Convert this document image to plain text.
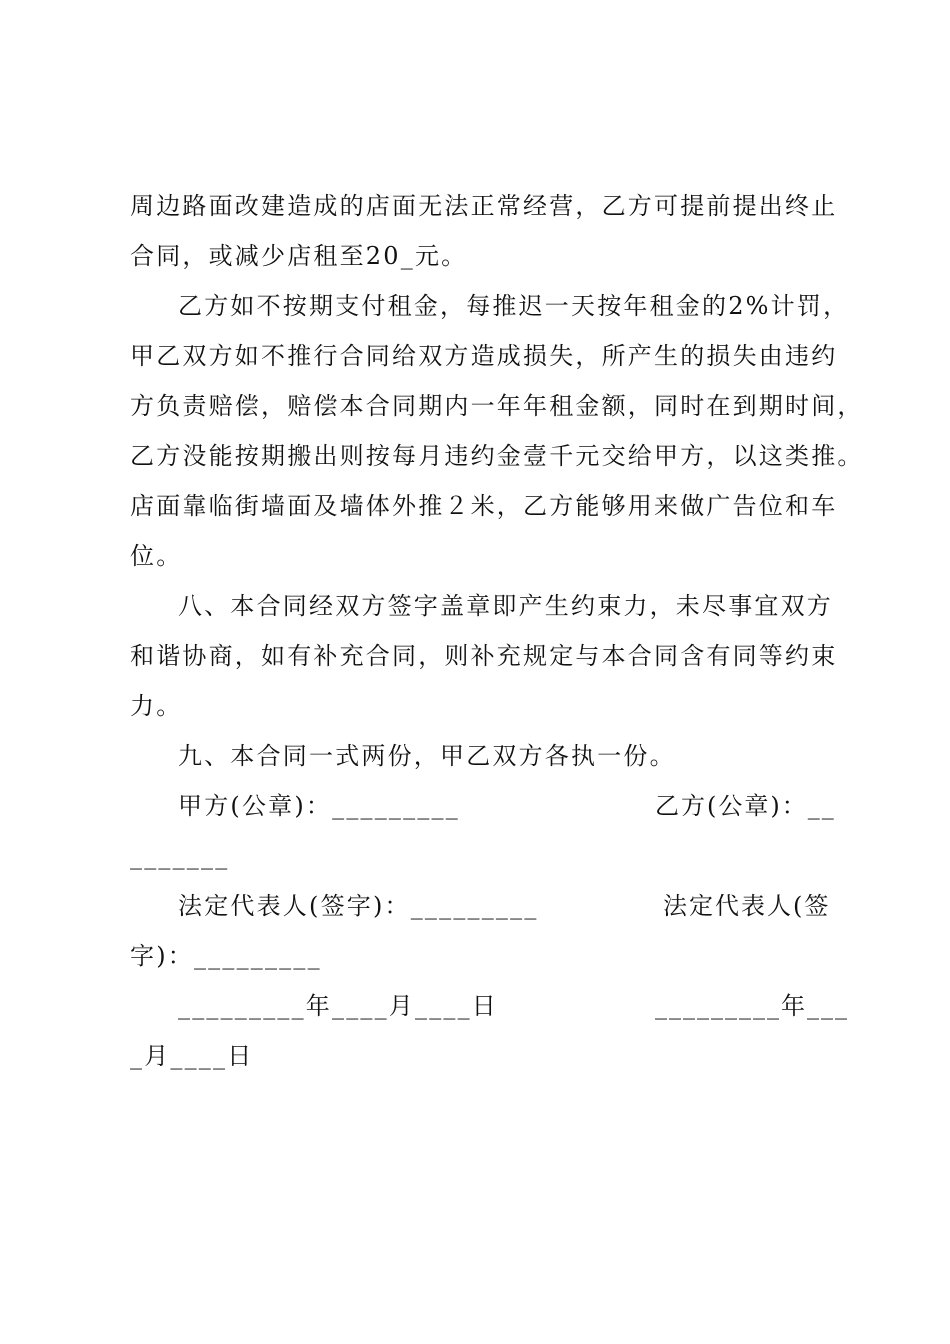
周边路面改建造成的店面无法正常经营，乙方可提前提出终止
合同，或减少店租至20_元。
乙方如不按期支付租金，每推迟一天按年租金的2%计罚，
甲乙双方如不推行合同给双方造成损失，所产生的损失由违约
方负责赔偿，赔偿本合同期内一年年租金额，同时在到期时间，
乙方没能按期搬出则按每月违约金壹千元交给甲方，以这类推。
店面靠临街墙面及墙体外推２米，乙方能够用来做广告位和车
位。
八、本合同经双方签字盖章即产生约束力，未尽事宜双方
和谐协商，如有补充合同，则补充规定与本合同含有同等约束
力。
九、本合同一式两份，甲乙双方各执一份。
甲方(公章)：_________	乙方(公章)：__
_______
法定代表人(签字)：_________	法定代表人(签
字)：_________
_________年____月____日	_________年___
_月____日
